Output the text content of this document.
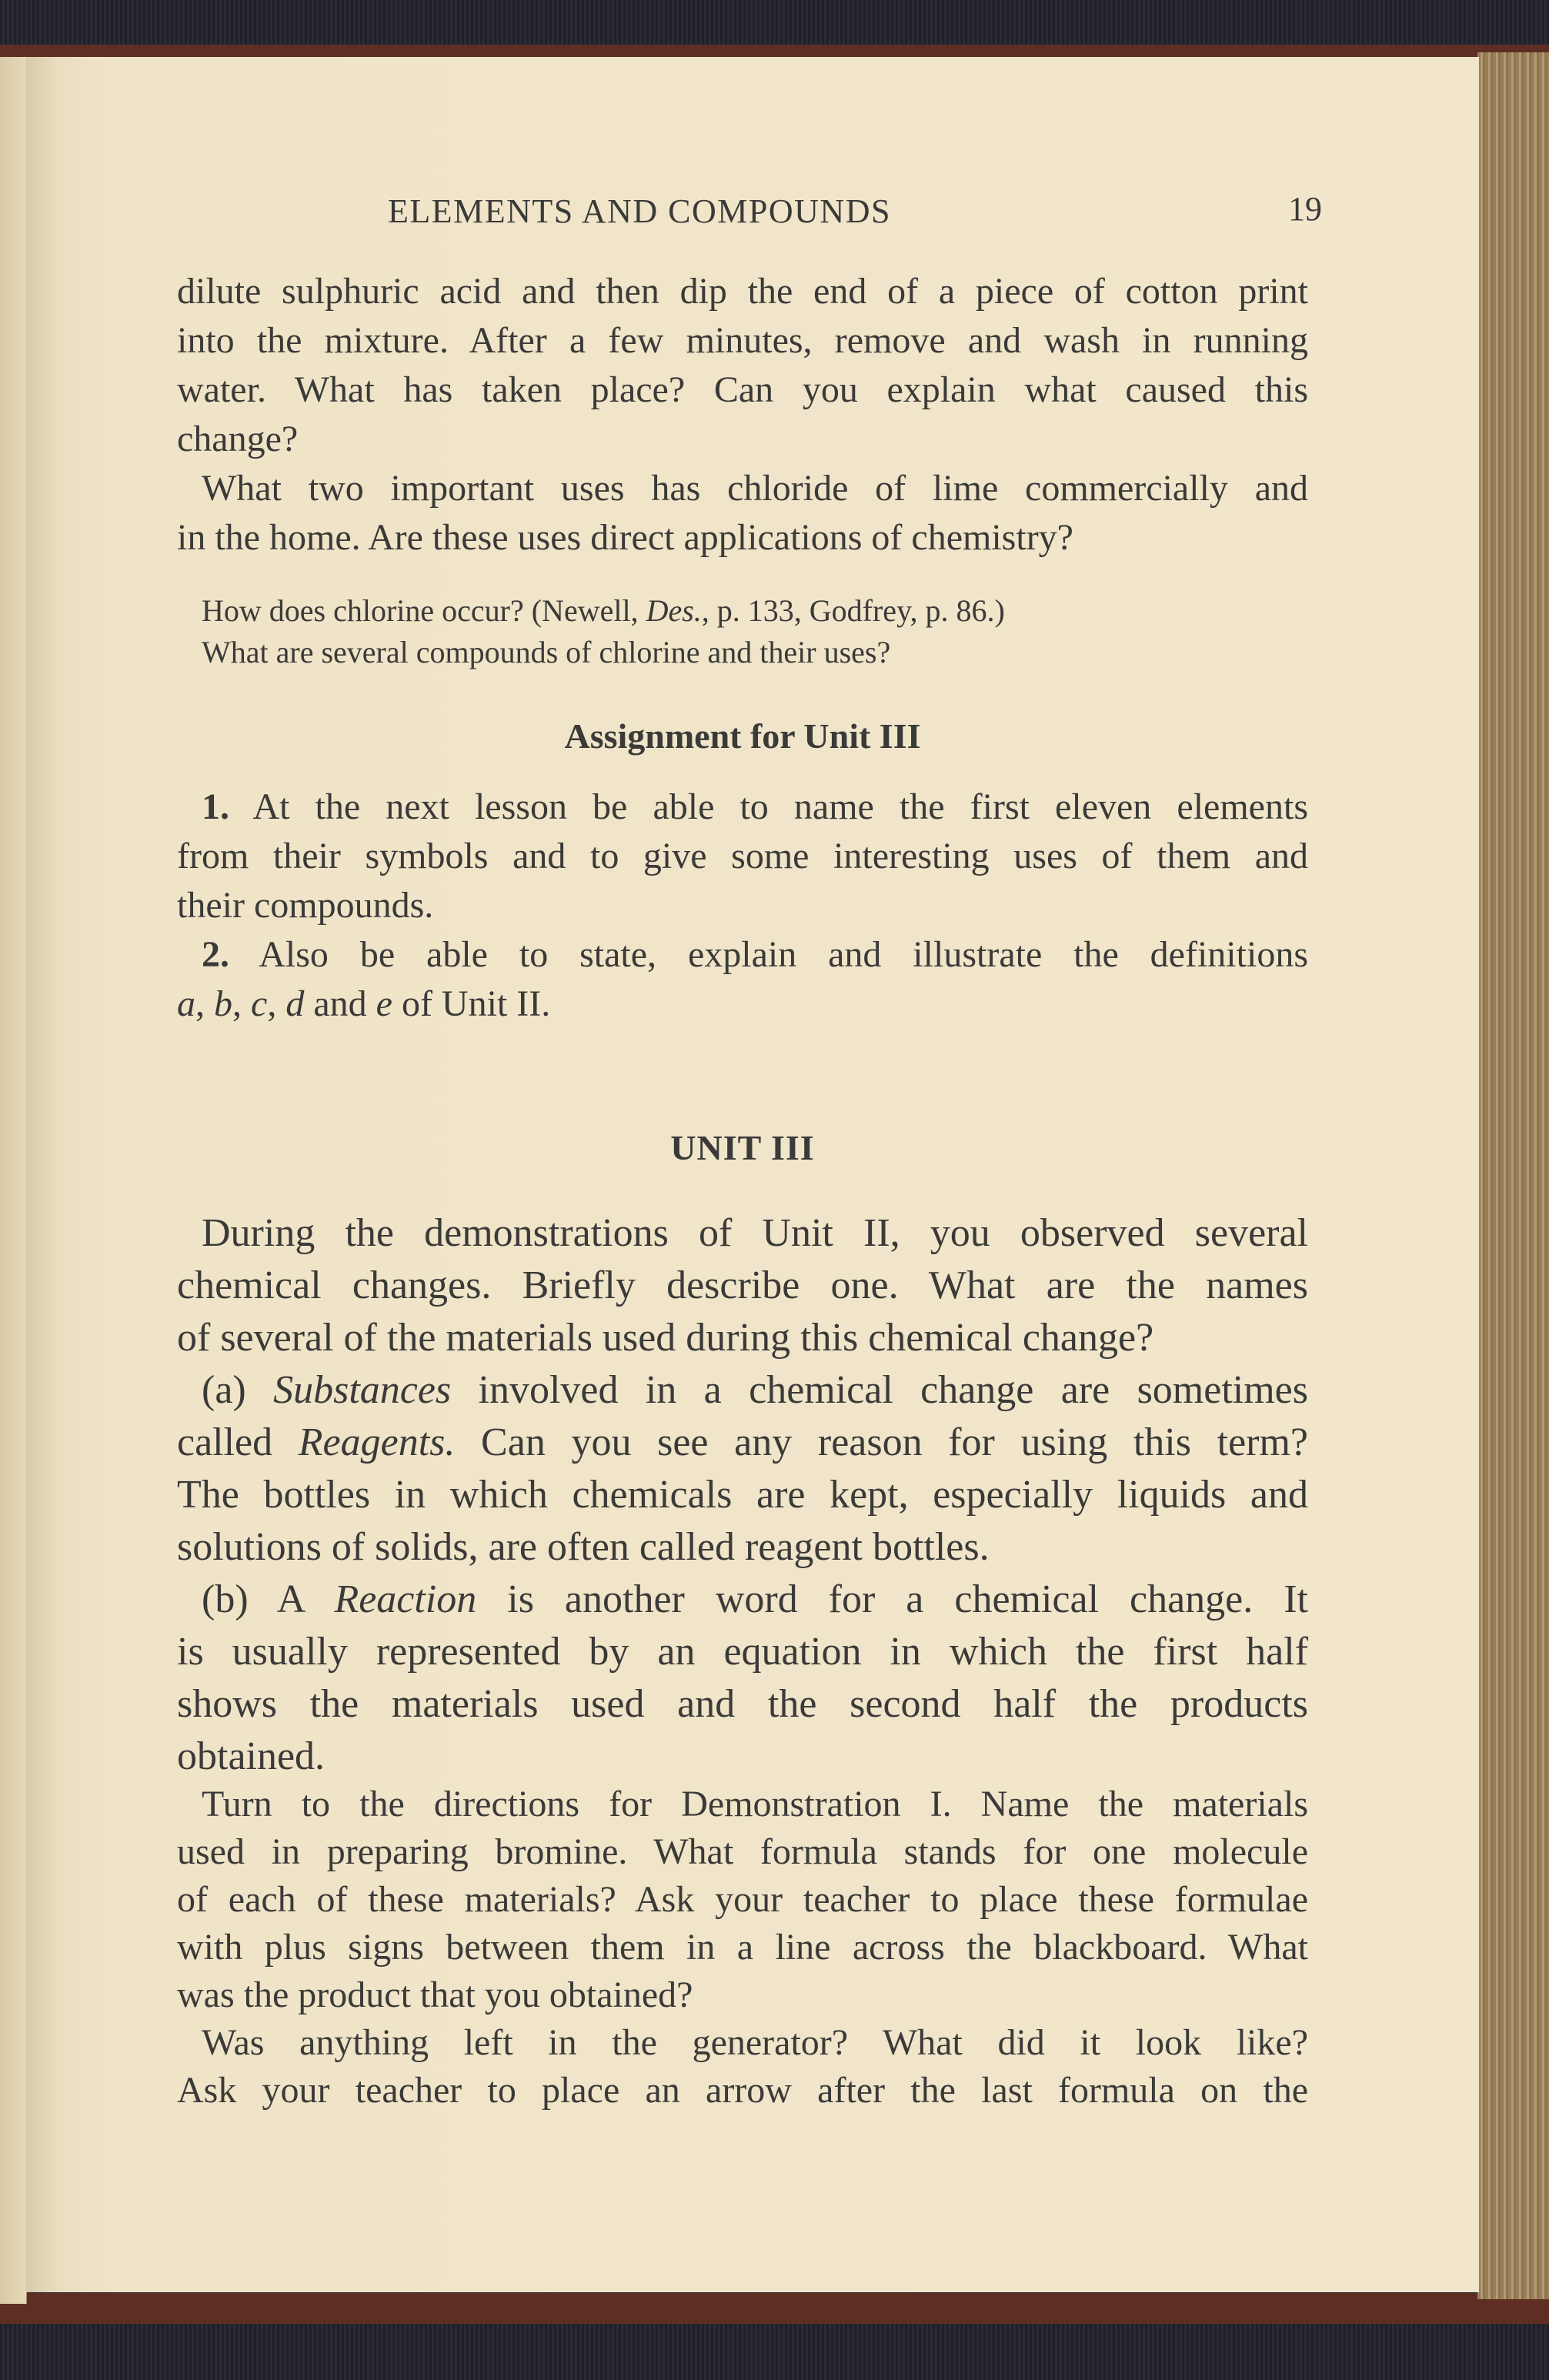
ELEMENTS AND COMPOUNDS	19
dilute sulphuric acid and then dip the end of a piece of cotton print
into the mixture. After a few minutes, remove and wash in running
water. What has taken place? Can you explain what caused this
change?
What two important uses has chloride of lime commercially and
in the home. Are these uses direct applications of chemistry?
How does chlorine occur? (Newell, Des., p. 133, Godfrey, p. 86.)
What are several compounds of chlorine and their uses?
Assignment for Unit III
1. At the next lesson be able to name the first eleven elements
from their symbols and to give some interesting uses of them and
their compounds.
2. Also be able to state, explain and illustrate the definitions
a, b, c, d and e of Unit II.
UNIT III
During the demonstrations of Unit II, you observed several
chemical changes. Briefly describe one. What are the names
of several of the materials used during this chemical change?
(a) Substances involved in a chemical change are sometimes
called Reagents. Can you see any reason for using this term?
The bottles in which chemicals are kept, especially liquids and
solutions of solids, are often called reagent bottles.
(b) A Reaction is another word for a chemical change. It
is usually represented by an equation in which the first half
shows the materials used and the second half the products
obtained.
Turn to the directions for Demonstration I. Name the materials
used in preparing bromine. What formula stands for one molecule
of each of these materials? Ask your teacher to place these formulae
with plus signs between them in a line across the blackboard. What
was the product that you obtained?
Was anything left in the generator? What did it look like?
Ask your teacher to place an arrow after the last formula on the
